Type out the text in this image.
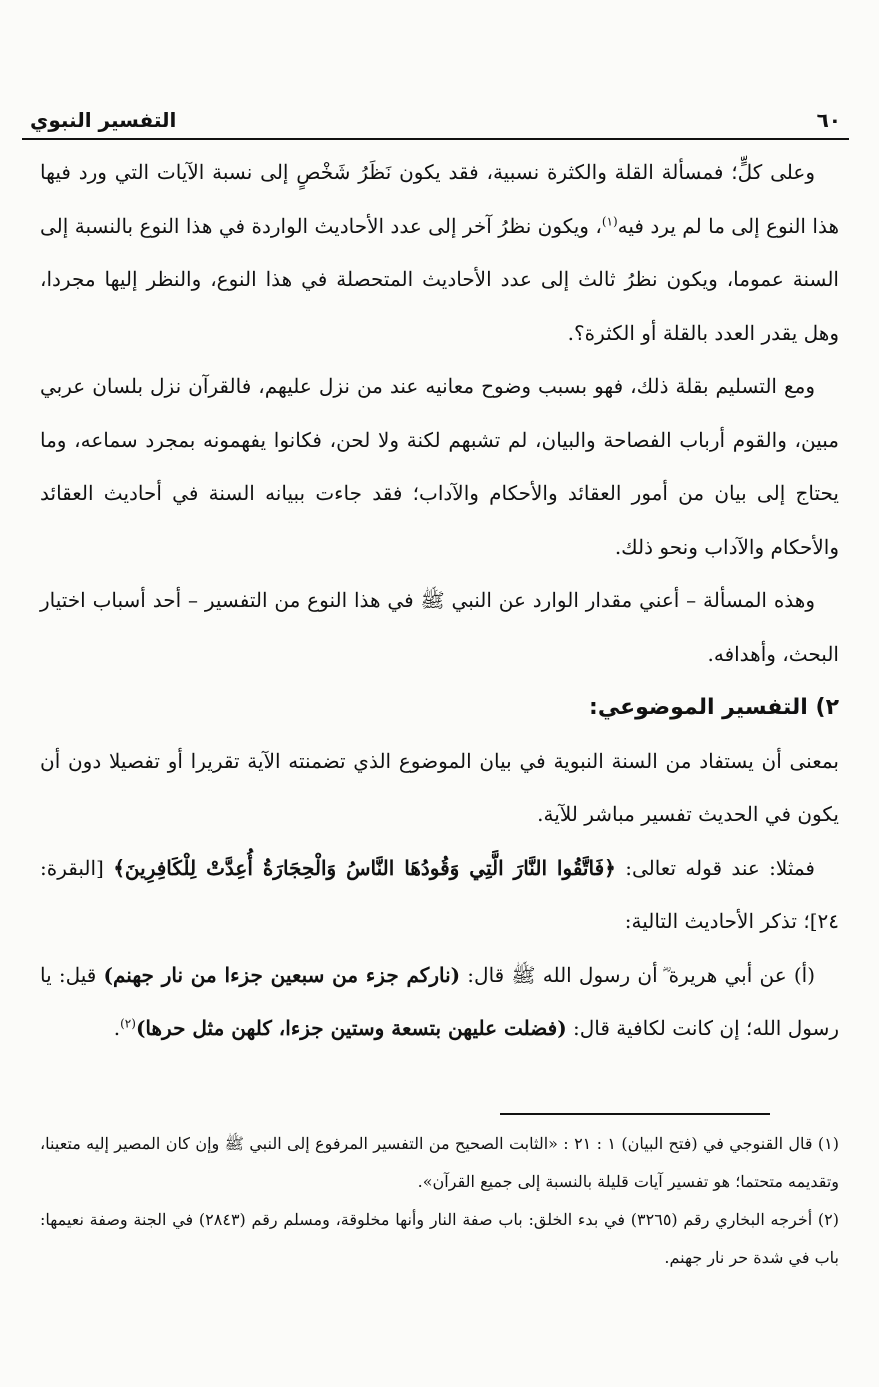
٦٠
التفسير النبوي

وعلى كلٍّ؛ فمسألة القلة والكثرة نسبية، فقد يكون نَظَرُ شَخْصٍ إلى نسبة الآيات التي ورد فيها هذا النوع إلى ما لم يرد فيه$^{(١)}$، ويكون نظرُ آخر إلى عدد الأحاديث الواردة في هذا النوع بالنسبة إلى السنة عموما، ويكون نظرُ ثالث إلى عدد الأحاديث المتحصلة في هذا النوع، والنظر إليها مجردا، وهل يقدر العدد بالقلة أو الكثرة؟.

ومع التسليم بقلة ذلك، فهو بسبب وضوح معانيه عند من نزل عليهم، فالقرآن نزل بلسان عربي مبين، والقوم أرباب الفصاحة والبيان، لم تشبهم لكنة ولا لحن، فكانوا يفهمونه بمجرد سماعه، وما يحتاج إلى بيان من أمور العقائد والأحكام والآداب؛ فقد جاءت ببيانه السنة في أحاديث العقائد والأحكام والآداب ونحو ذلك.

وهذه المسألة – أعني مقدار الوارد عن النبي ﷺ في هذا النوع من التفسير – أحد أسباب اختيار البحث، وأهدافه.

٢) التفسير الموضوعي:

بمعنى أن يستفاد من السنة النبوية في بيان الموضوع الذي تضمنته الآية تقريرا أو تفصيلا دون أن يكون في الحديث تفسير مباشر للآية.

فمثلا: عند قوله تعالى: ﴿فَاتَّقُوا النَّارَ الَّتِي وَقُودُهَا النَّاسُ وَالْحِجَارَةُ أُعِدَّتْ لِلْكَافِرِينَ﴾ [البقرة: ٢٤]؛ تذكر الأحاديث التالية:

(أ) عن أبي هريرة ؓ أن رسول الله ﷺ قال: (ناركم جزء من سبعين جزءا من نار جهنم) قيل: يا رسول الله؛ إن كانت لكافية قال: (فضلت عليهن بتسعة وستين جزءا، كلهن مثل حرها)$^{(٢)}$.

(١) قال القنوجي في (فتح البيان) ١ : ٢١ : «الثابت الصحيح من التفسير المرفوع إلى النبي ﷺ وإن كان المصير إليه متعينا، وتقديمه متحتما؛ هو تفسير آيات قليلة بالنسبة إلى جميع القرآن».

(٢) أخرجه البخاري رقم (٣٢٦٥) في بدء الخلق: باب صفة النار وأنها مخلوقة، ومسلم رقم (٢٨٤٣) في الجنة وصفة نعيمها: باب في شدة حر نار جهنم.
